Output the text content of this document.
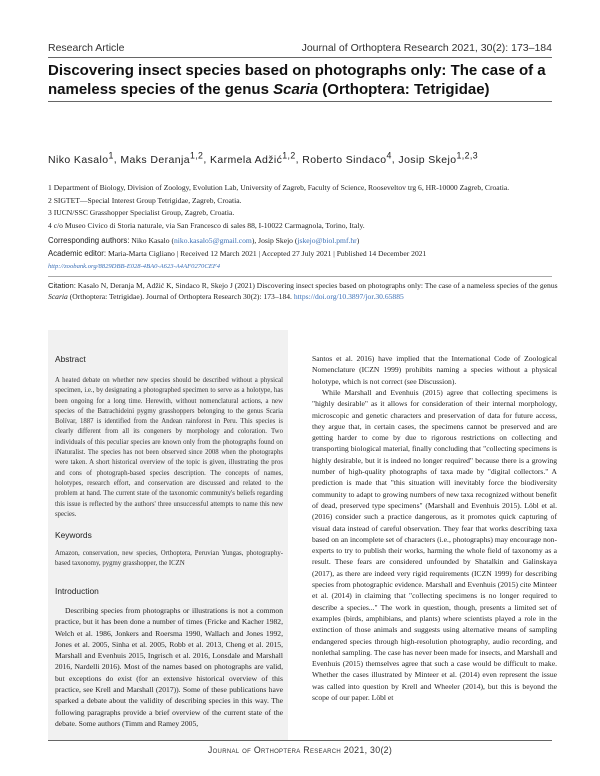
Research Article	Journal of Orthoptera Research 2021, 30(2): 173–184
Discovering insect species based on photographs only: The case of a nameless species of the genus Scaria (Orthoptera: Tetrigidae)
Niko Kasalo$^1$, Maks Deranja$^{1,2}$, Karmela Adžić$^{1,2}$, Roberto Sindaco$^4$, Josip Skejo$^{1,2,3}$
1 Department of Biology, Division of Zoology, Evolution Lab, University of Zagreb, Faculty of Science, Rooseveltov trg 6, HR-10000 Zagreb, Croatia.
2 SIGTET—Special Interest Group Tetrigidae, Zagreb, Croatia.
3 IUCN/SSC Grasshopper Specialist Group, Zagreb, Croatia.
4 c/o Museo Civico di Storia naturale, via San Francesco di sales 88, I-10022 Carmagnola, Torino, Italy.
Corresponding authors: Niko Kasalo (niko.kasalo5@gmail.com), Josip Skejo (jskejo@biol.pmf.hr)
Academic editor: Maria-Marta Cigliano | Received 12 March 2021 | Accepted 27 July 2021 | Published 14 December 2021
http://zoobank.org/8829DBB-E028-4BA0-A623-A4AF0270CEF4
Citation: Kasalo N, Deranja M, Adžić K, Sindaco R, Skejo J (2021) Discovering insect species based on photographs only: The case of a nameless species of the genus Scaria (Orthoptera: Tetrigidae). Journal of Orthoptera Research 30(2): 173–184. https://doi.org/10.3897/jor.30.65885
Abstract
A heated debate on whether new species should be described without a physical specimen, i.e., by designating a photographed specimen to serve as a holotype, has been ongoing for a long time. Herewith, without nomenclatural actions, a new species of the Batrachideini pygmy grasshoppers belonging to the genus Scaria Bolívar, 1887 is identified from the Andean rainforest in Peru. This species is clearly different from all its congeners by morphology and coloration. Two individuals of this peculiar species are known only from the photographs found on iNaturalist. The species has not been observed since 2008 when the photographs were taken. A short historical overview of the topic is given, illustrating the pros and cons of photograph-based species description. The concepts of names, holotypes, research effort, and conservation are discussed and related to the problem at hand. The current state of the taxonomic community's beliefs regarding this issue is reflected by the authors' three unsuccessful attempts to name this new species.
Keywords
Amazon, conservation, new species, Orthoptera, Peruvian Yungas, photography-based taxonomy, pygmy grasshopper, the ICZN
Introduction
Describing species from photographs or illustrations is not a common practice, but it has been done a number of times (Fricke and Kacher 1982, Welch et al. 1986, Jonkers and Roersma 1990, Wallach and Jones 1992, Jones et al. 2005, Sinha et al. 2005, Robb et al. 2013, Cheng et al. 2015, Marshall and Evenhuis 2015, Ingrisch et al. 2016, Lonsdale and Marshall 2016, Nardelli 2016). Most of the names based on photographs are valid, but exceptions do exist (for an extensive historical overview of this practice, see Krell and Marshall (2017)). Some of these publications have sparked a debate about the validity of describing species in this way. The following paragraphs provide a brief overview of the current state of the debate. Some authors (Timm and Ramey 2005,
Santos et al. 2016) have implied that the International Code of Zoological Nomenclature (ICZN 1999) prohibits naming a species without a physical holotype, which is not correct (see Discussion).
While Marshall and Evenhuis (2015) agree that collecting specimens is "highly desirable" as it allows for consideration of their internal morphology, microscopic and genetic characters and preservation of data for future access, they argue that, in certain cases, the specimens cannot be preserved and are getting harder to come by due to rigorous restrictions on collecting and transporting biological material, finally concluding that "collecting specimens is highly desirable, but it is indeed no longer required" because there is a growing number of high-quality photographs of taxa made by "digital collectors." A prediction is made that "this situation will inevitably force the biodiversity community to adapt to growing numbers of new taxa recognized without benefit of dead, preserved type specimens" (Marshall and Evenhuis 2015). Löbl et al. (2016) consider such a practice dangerous, as it promotes quick capturing of visual data instead of careful observation. They fear that works describing taxa based on an incomplete set of characters (i.e., photographs) may encourage non-experts to try to publish their works, harming the whole field of taxonomy as a result. These fears are considered unfounded by Shatalkin and Galinskaya (2017), as there are indeed very rigid requirements (ICZN 1999) for describing species from photographic evidence. Marshall and Evenhuis (2015) cite Minteer et al. (2014) in claiming that "collecting specimens is no longer required to describe a species..." The work in question, though, presents a limited set of examples (birds, amphibians, and plants) where scientists played a role in the extinction of those animals and suggests using alternative means of sampling endangered species through high-resolution photography, audio recording, and nonlethal sampling. The case has never been made for insects, and Marshall and Evenhuis (2015) themselves agree that such a case would be difficult to make. Whether the cases illustrated by Minteer et al. (2014) even represent the issue was called into question by Krell and Wheeler (2014), but this is beyond the scope of our paper. Löbl et
Journal of Orthoptera Research 2021, 30(2)
